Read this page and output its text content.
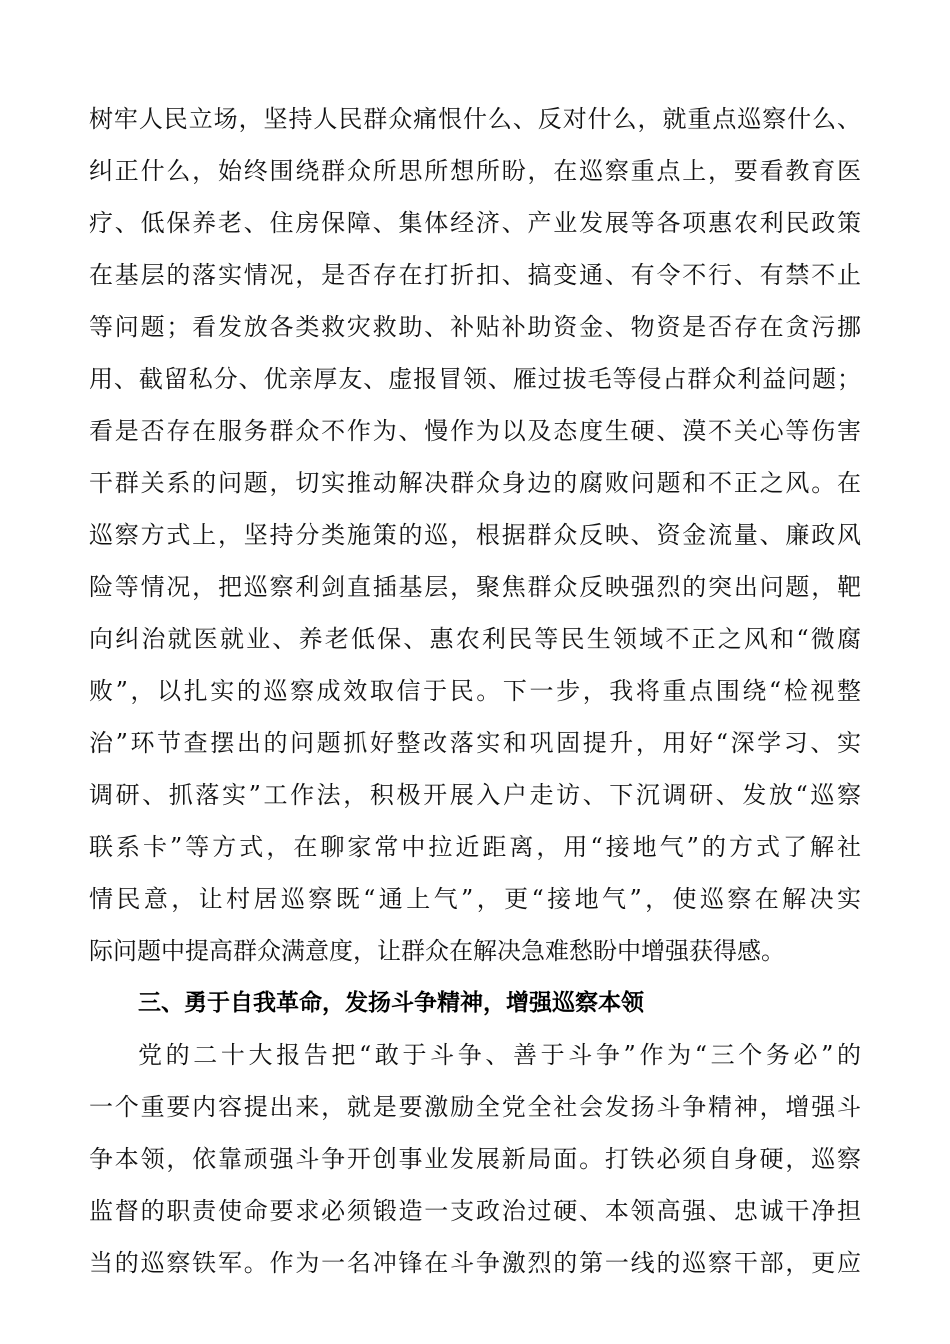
树牢人民立场，坚持人民群众痛恨什么、反对什么，就重点巡察什么、
纠正什么，始终围绕群众所思所想所盼，在巡察重点上，要看教育医
疗、低保养老、住房保障、集体经济、产业发展等各项惠农利民政策
在基层的落实情况，是否存在打折扣、搞变通、有令不行、有禁不止
等问题；看发放各类救灾救助、补贴补助资金、物资是否存在贪污挪
用、截留私分、优亲厚友、虚报冒领、雁过拔毛等侵占群众利益问题；
看是否存在服务群众不作为、慢作为以及态度生硬、漠不关心等伤害
干群关系的问题，切实推动解决群众身边的腐败问题和不正之风。在
巡察方式上，坚持分类施策的巡，根据群众反映、资金流量、廉政风
险等情况，把巡察利剑直插基层，聚焦群众反映强烈的突出问题，靶
向纠治就医就业、养老低保、惠农利民等民生领域不正之风和“微腐
败”，以扎实的巡察成效取信于民。下一步，我将重点围绕“检视整
治”环节查摆出的问题抓好整改落实和巩固提升，用好“深学习、实
调研、抓落实”工作法，积极开展入户走访、下沉调研、发放“巡察
联系卡”等方式，在聊家常中拉近距离，用“接地气”的方式了解社
情民意，让村居巡察既“通上气”，更“接地气”，使巡察在解决实
际问题中提高群众满意度，让群众在解决急难愁盼中增强获得感。
三、勇于自我革命，发扬斗争精神，增强巡察本领
党的二十大报告把“敢于斗争、善于斗争”作为“三个务必”的
一个重要内容提出来，就是要激励全党全社会发扬斗争精神，增强斗
争本领，依靠顽强斗争开创事业发展新局面。打铁必须自身硬，巡察
监督的职责使命要求必须锻造一支政治过硬、本领高强、忠诚干净担
当的巡察铁军。作为一名冲锋在斗争激烈的第一线的巡察干部，更应
